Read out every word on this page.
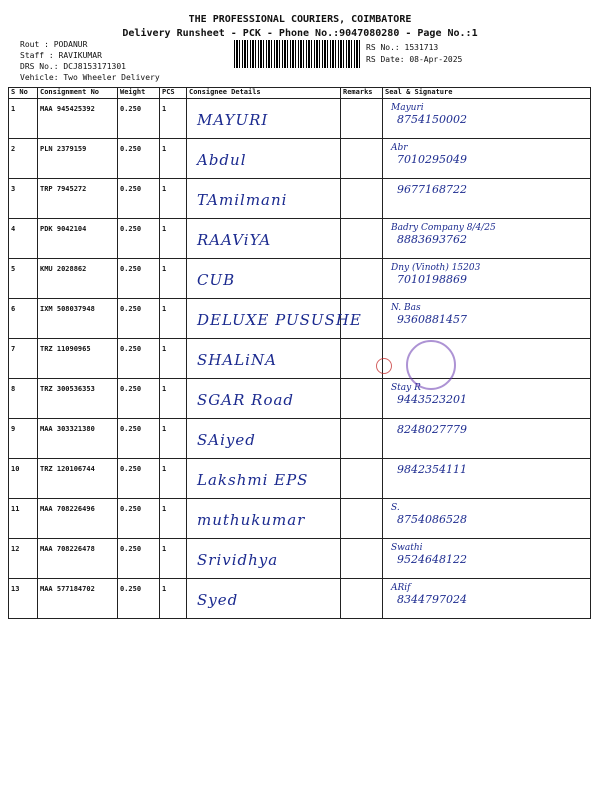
THE PROFESSIONAL COURIERS, COIMBATORE
Delivery Runsheet - PCK - Phone No.:9047080280 - Page No.:1
Rout : PODANUR
Staff : RAVIKUMAR
DRS No.: DCJ8153171301
Vehicle: Two Wheeler Delivery
RS No.: 1531713
RS Date: 08-Apr-2025
S No	Consignment No	Weight	PCS	Consignee Details	Remarks	Seal & Signature

1	MAA 945425392	0.250	1	MAYURI		Mayuri
8754150002

2	PLN 2379159	0.250	1	Abdul		Abr
7010295049

3	TRP 7945272	0.250	1	TAmilmani		9677168722

4	PDK 9042104	0.250	1	RAAViYA		Badry Company 8/4/25
8883693762

5	KMU 2028862	0.250	1	CUB		Dny (Vinoth) 15203
7010198869

6	IXM 508037948	0.250	1	DELUXE PUSUSHE		N. Bas
9360881457

7	TRZ 11090965	0.250	1	SHALiNA		

8	TRZ 300536353	0.250	1	SGAR Road		Stay R
9443523201

9	MAA 303321380	0.250	1	SAiyed		8248027779

10	TRZ 120106744	0.250	1	Lakshmi EPS		9842354111

11	MAA 708226496	0.250	1	muthukumar		S.
8754086528

12	MAA 708226478	0.250	1	Srividhya		Swathi
9524648122

13	MAA 577184702	0.250	1	Syed		ARif
8344797024
